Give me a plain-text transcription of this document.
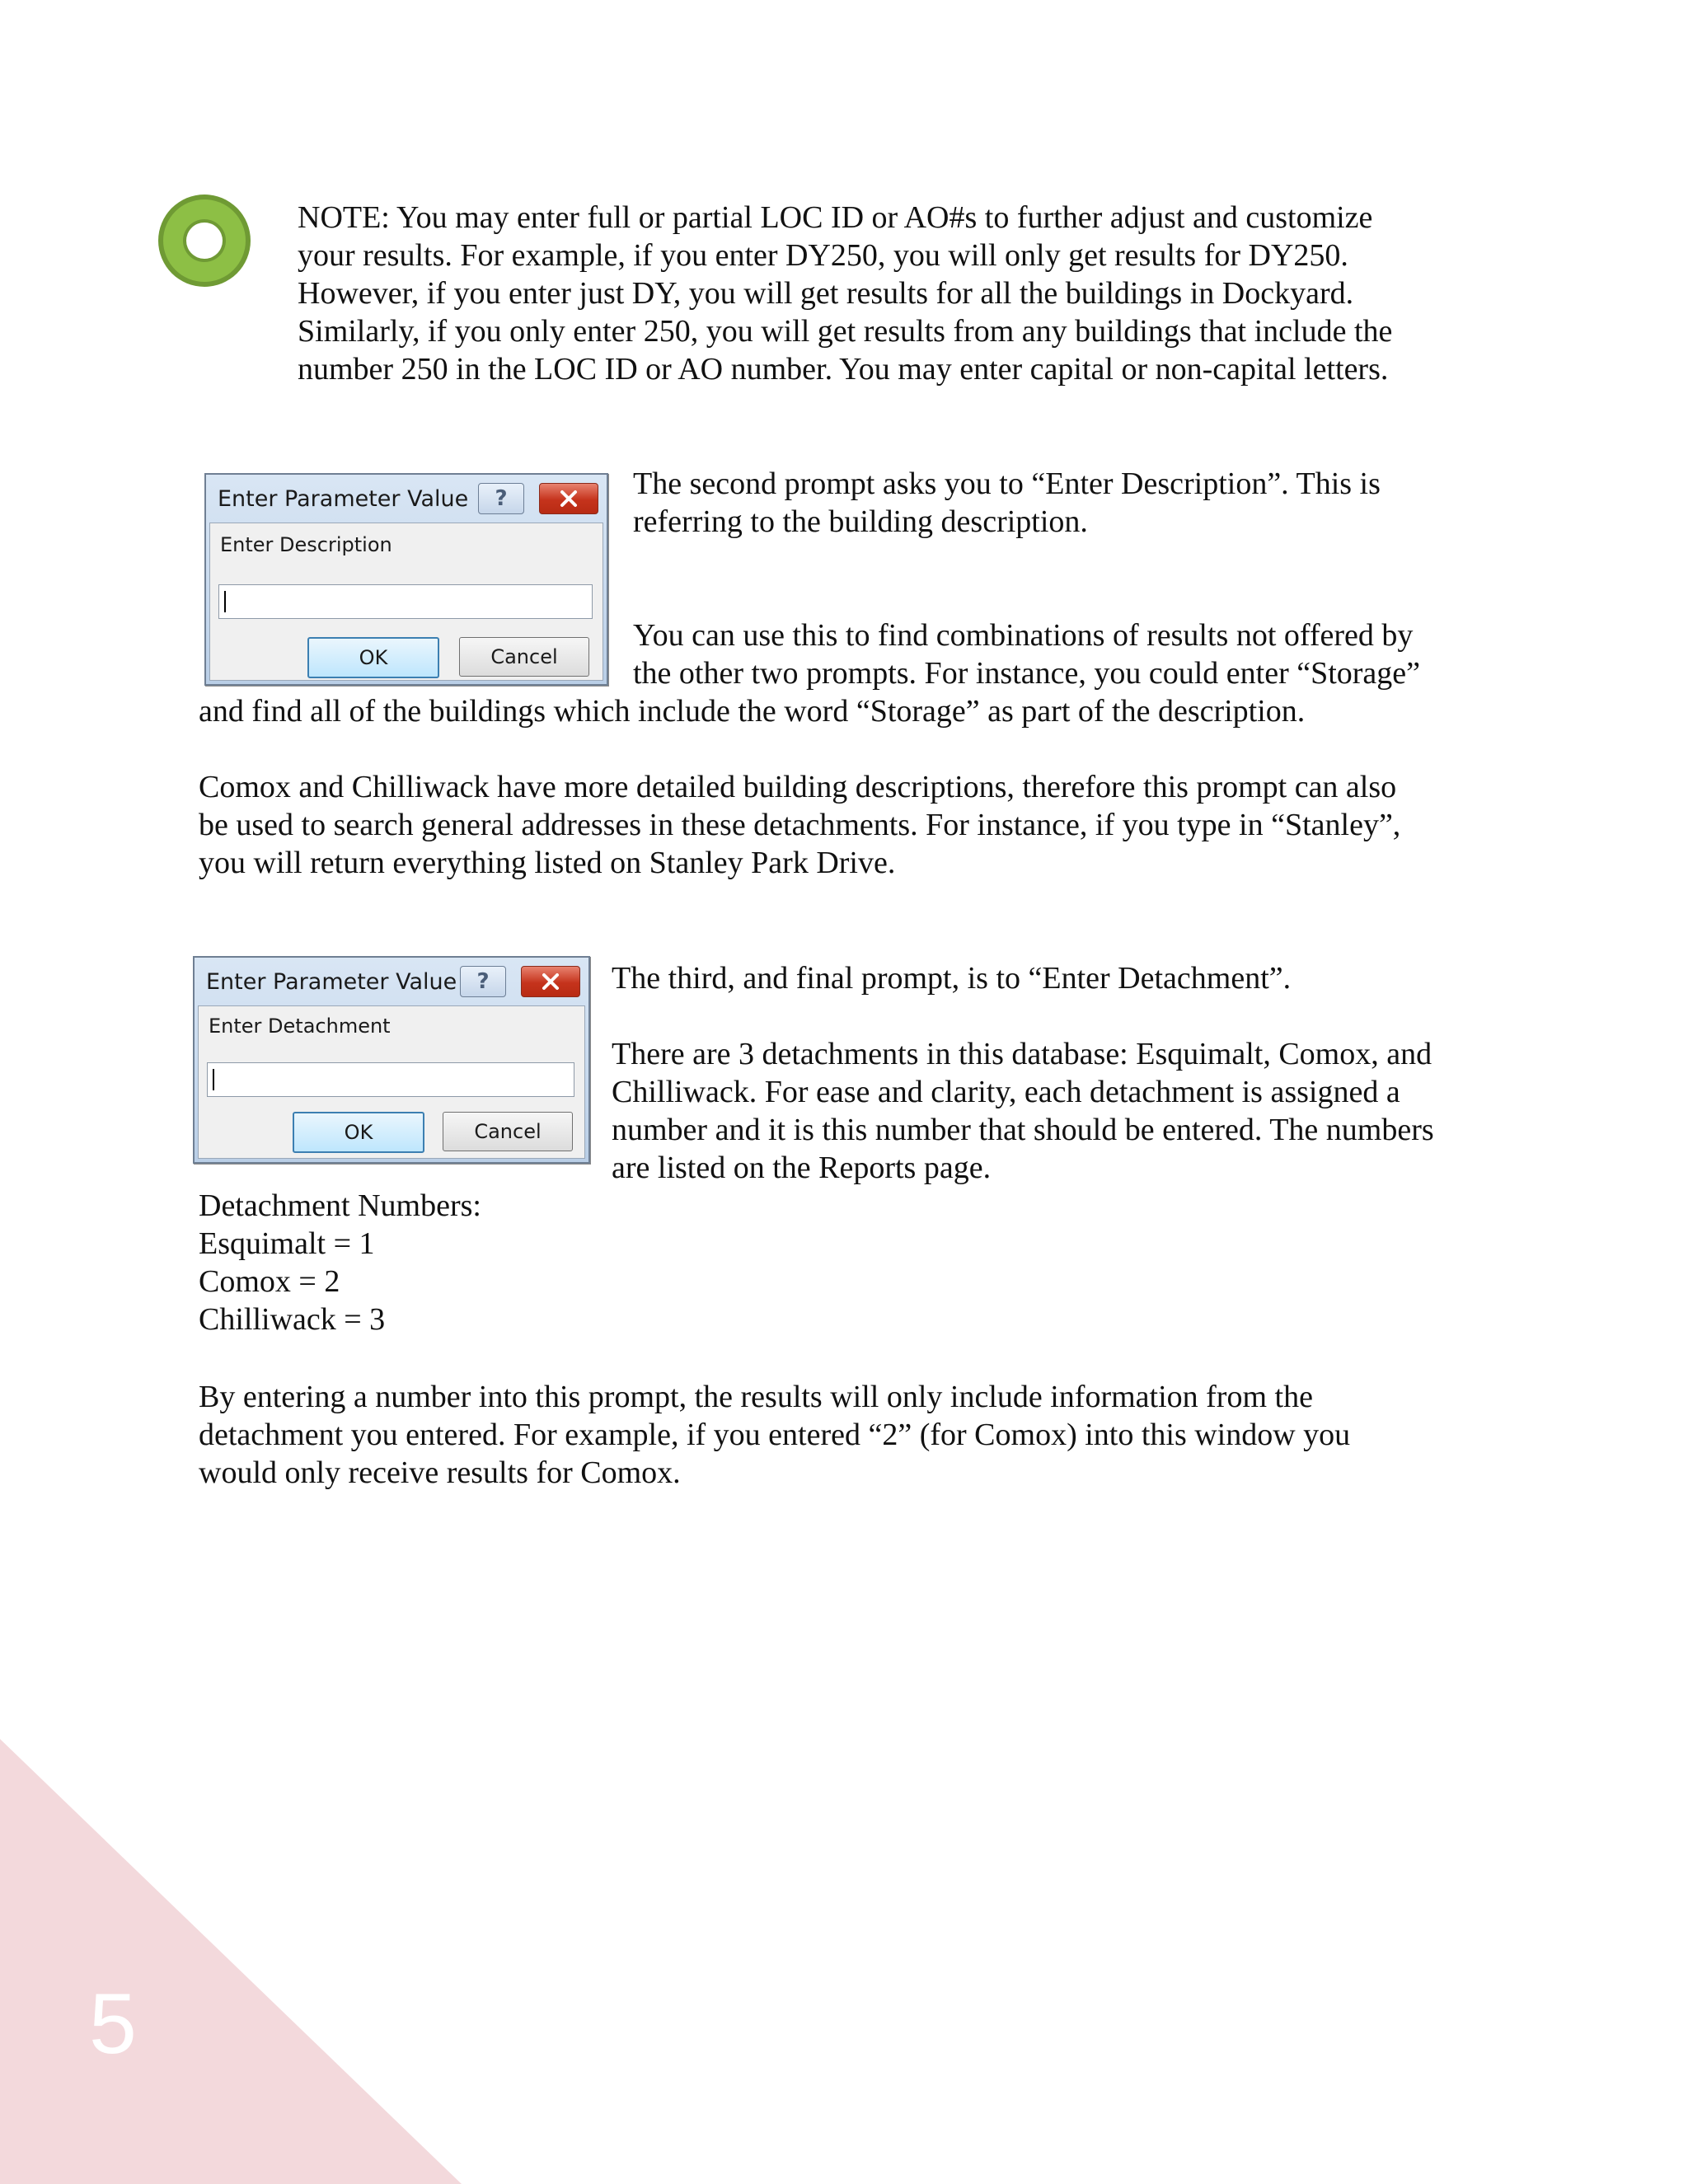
NOTE: You may enter full or partial LOC ID or AO#s to further adjust and customize
your results. For example, if you enter DY250, you will only get results for DY250.
However, if you enter just DY, you will get results for all the buildings in Dockyard.
Similarly, if you only enter 250, you will get results from any buildings that include the
number 250 in the LOC ID or AO number. You may enter capital or non-capital letters.
Enter Parameter Value ?
Enter Description
OK	Cancel
The second prompt asks you to “Enter Description”. This is
referring to the building description.
You can use this to find combinations of results not offered by
the other two prompts. For instance, you could enter “Storage”
and find all of the buildings which include the word “Storage” as part of the description.
Comox and Chilliwack have more detailed building descriptions, therefore this prompt can also
be used to search general addresses in these detachments. For instance, if you type in “Stanley”,
you will return everything listed on Stanley Park Drive.
Enter Parameter Value ?
Enter Detachment
OK	Cancel
The third, and final prompt, is to “Enter Detachment”.
There are 3 detachments in this database: Esquimalt, Comox, and
Chilliwack. For ease and clarity, each detachment is assigned a
number and it is this number that should be entered. The numbers
are listed on the Reports page.
Detachment Numbers:
Esquimalt = 1
Comox = 2
Chilliwack = 3
By entering a number into this prompt, the results will only include information from the
detachment you entered. For example, if you entered “2” (for Comox) into this window you
would only receive results for Comox.
5
